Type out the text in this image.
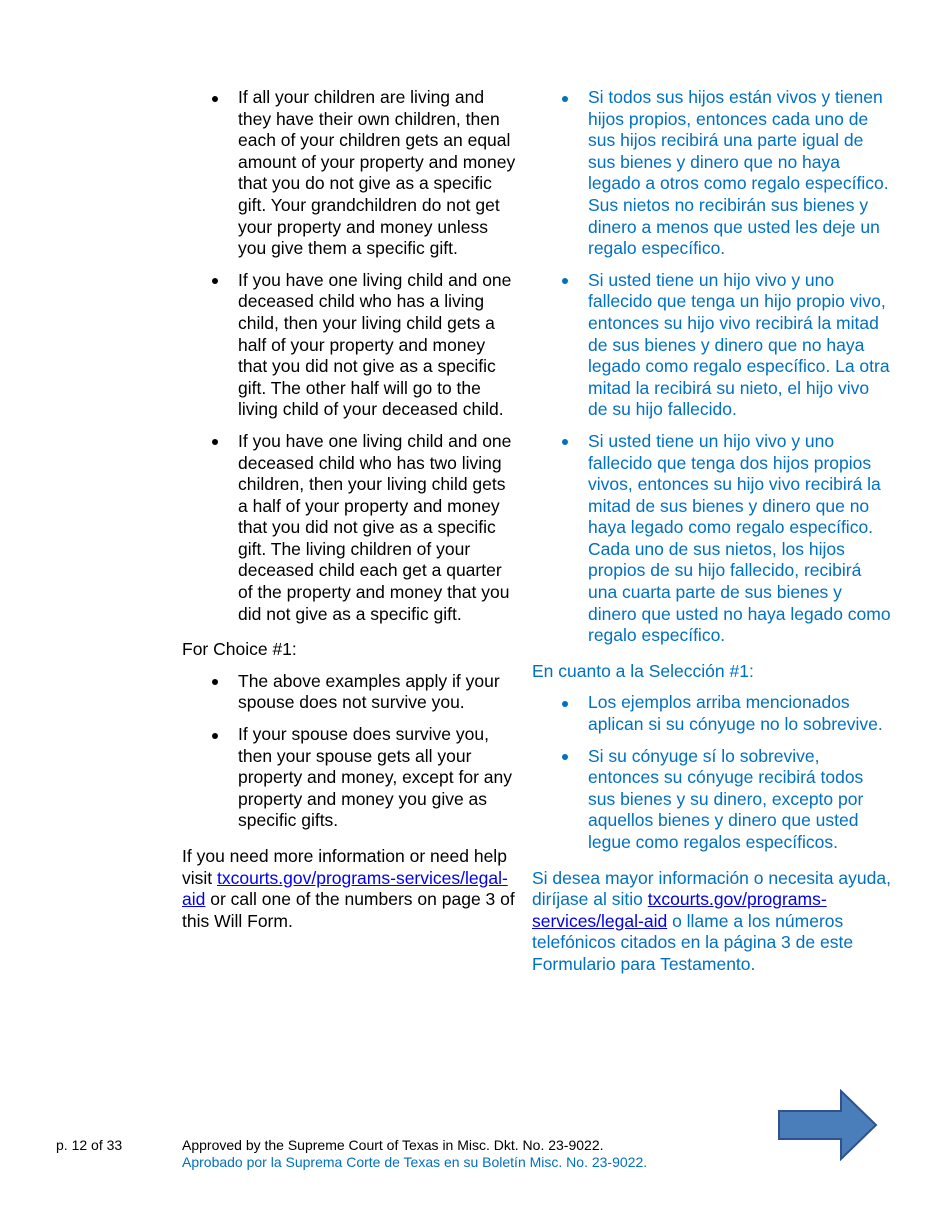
If all your children are living and they have their own children, then each of your children gets an equal amount of your property and money that you do not give as a specific gift. Your grandchildren do not get your property and money unless you give them a specific gift.
If you have one living child and one deceased child who has a living child, then your living child gets a half of your property and money that you did not give as a specific gift. The other half will go to the living child of your deceased child.
If you have one living child and one deceased child who has two living children, then your living child gets a half of your property and money that you did not give as a specific gift. The living children of your deceased child each get a quarter of the property and money that you did not give as a specific gift.

For Choice #1:

The above examples apply if your spouse does not survive you.
If your spouse does survive you, then your spouse gets all your property and money, except for any property and money you give as specific gifts.

If you need more information or need help visit txcourts.gov/programs-services/legal-aid or call one of the numbers on page 3 of this Will Form.

Si todos sus hijos están vivos y tienen hijos propios, entonces cada uno de sus hijos recibirá una parte igual de sus bienes y dinero que no haya legado a otros como regalo específico. Sus nietos no recibirán sus bienes y dinero a menos que usted les deje un regalo específico.
Si usted tiene un hijo vivo y uno fallecido que tenga un hijo propio vivo, entonces su hijo vivo recibirá la mitad de sus bienes y dinero que no haya legado como regalo específico. La otra mitad la recibirá su nieto, el hijo vivo de su hijo fallecido.
Si usted tiene un hijo vivo y uno fallecido que tenga dos hijos propios vivos, entonces su hijo vivo recibirá la mitad de sus bienes y dinero que no haya legado como regalo específico. Cada uno de sus nietos, los hijos propios de su hijo fallecido, recibirá una cuarta parte de sus bienes y dinero que usted no haya legado como regalo específico.

En cuanto a la Selección #1:

Los ejemplos arriba mencionados aplican si su cónyuge no lo sobrevive.
Si su cónyuge sí lo sobrevive, entonces su cónyuge recibirá todos sus bienes y su dinero, excepto por aquellos bienes y dinero que usted legue como regalos específicos.

Si desea mayor información o necesita ayuda, diríjase al sitio txcourts.gov/programs-services/legal-aid o llame a los números telefónicos citados en la página 3 de este Formulario para Testamento.

p. 12 of 33	Approved by the Supreme Court of Texas in Misc. Dkt. No. 23-9022.
Aprobado por la Suprema Corte de Texas en su Boletín Misc. No. 23-9022.
